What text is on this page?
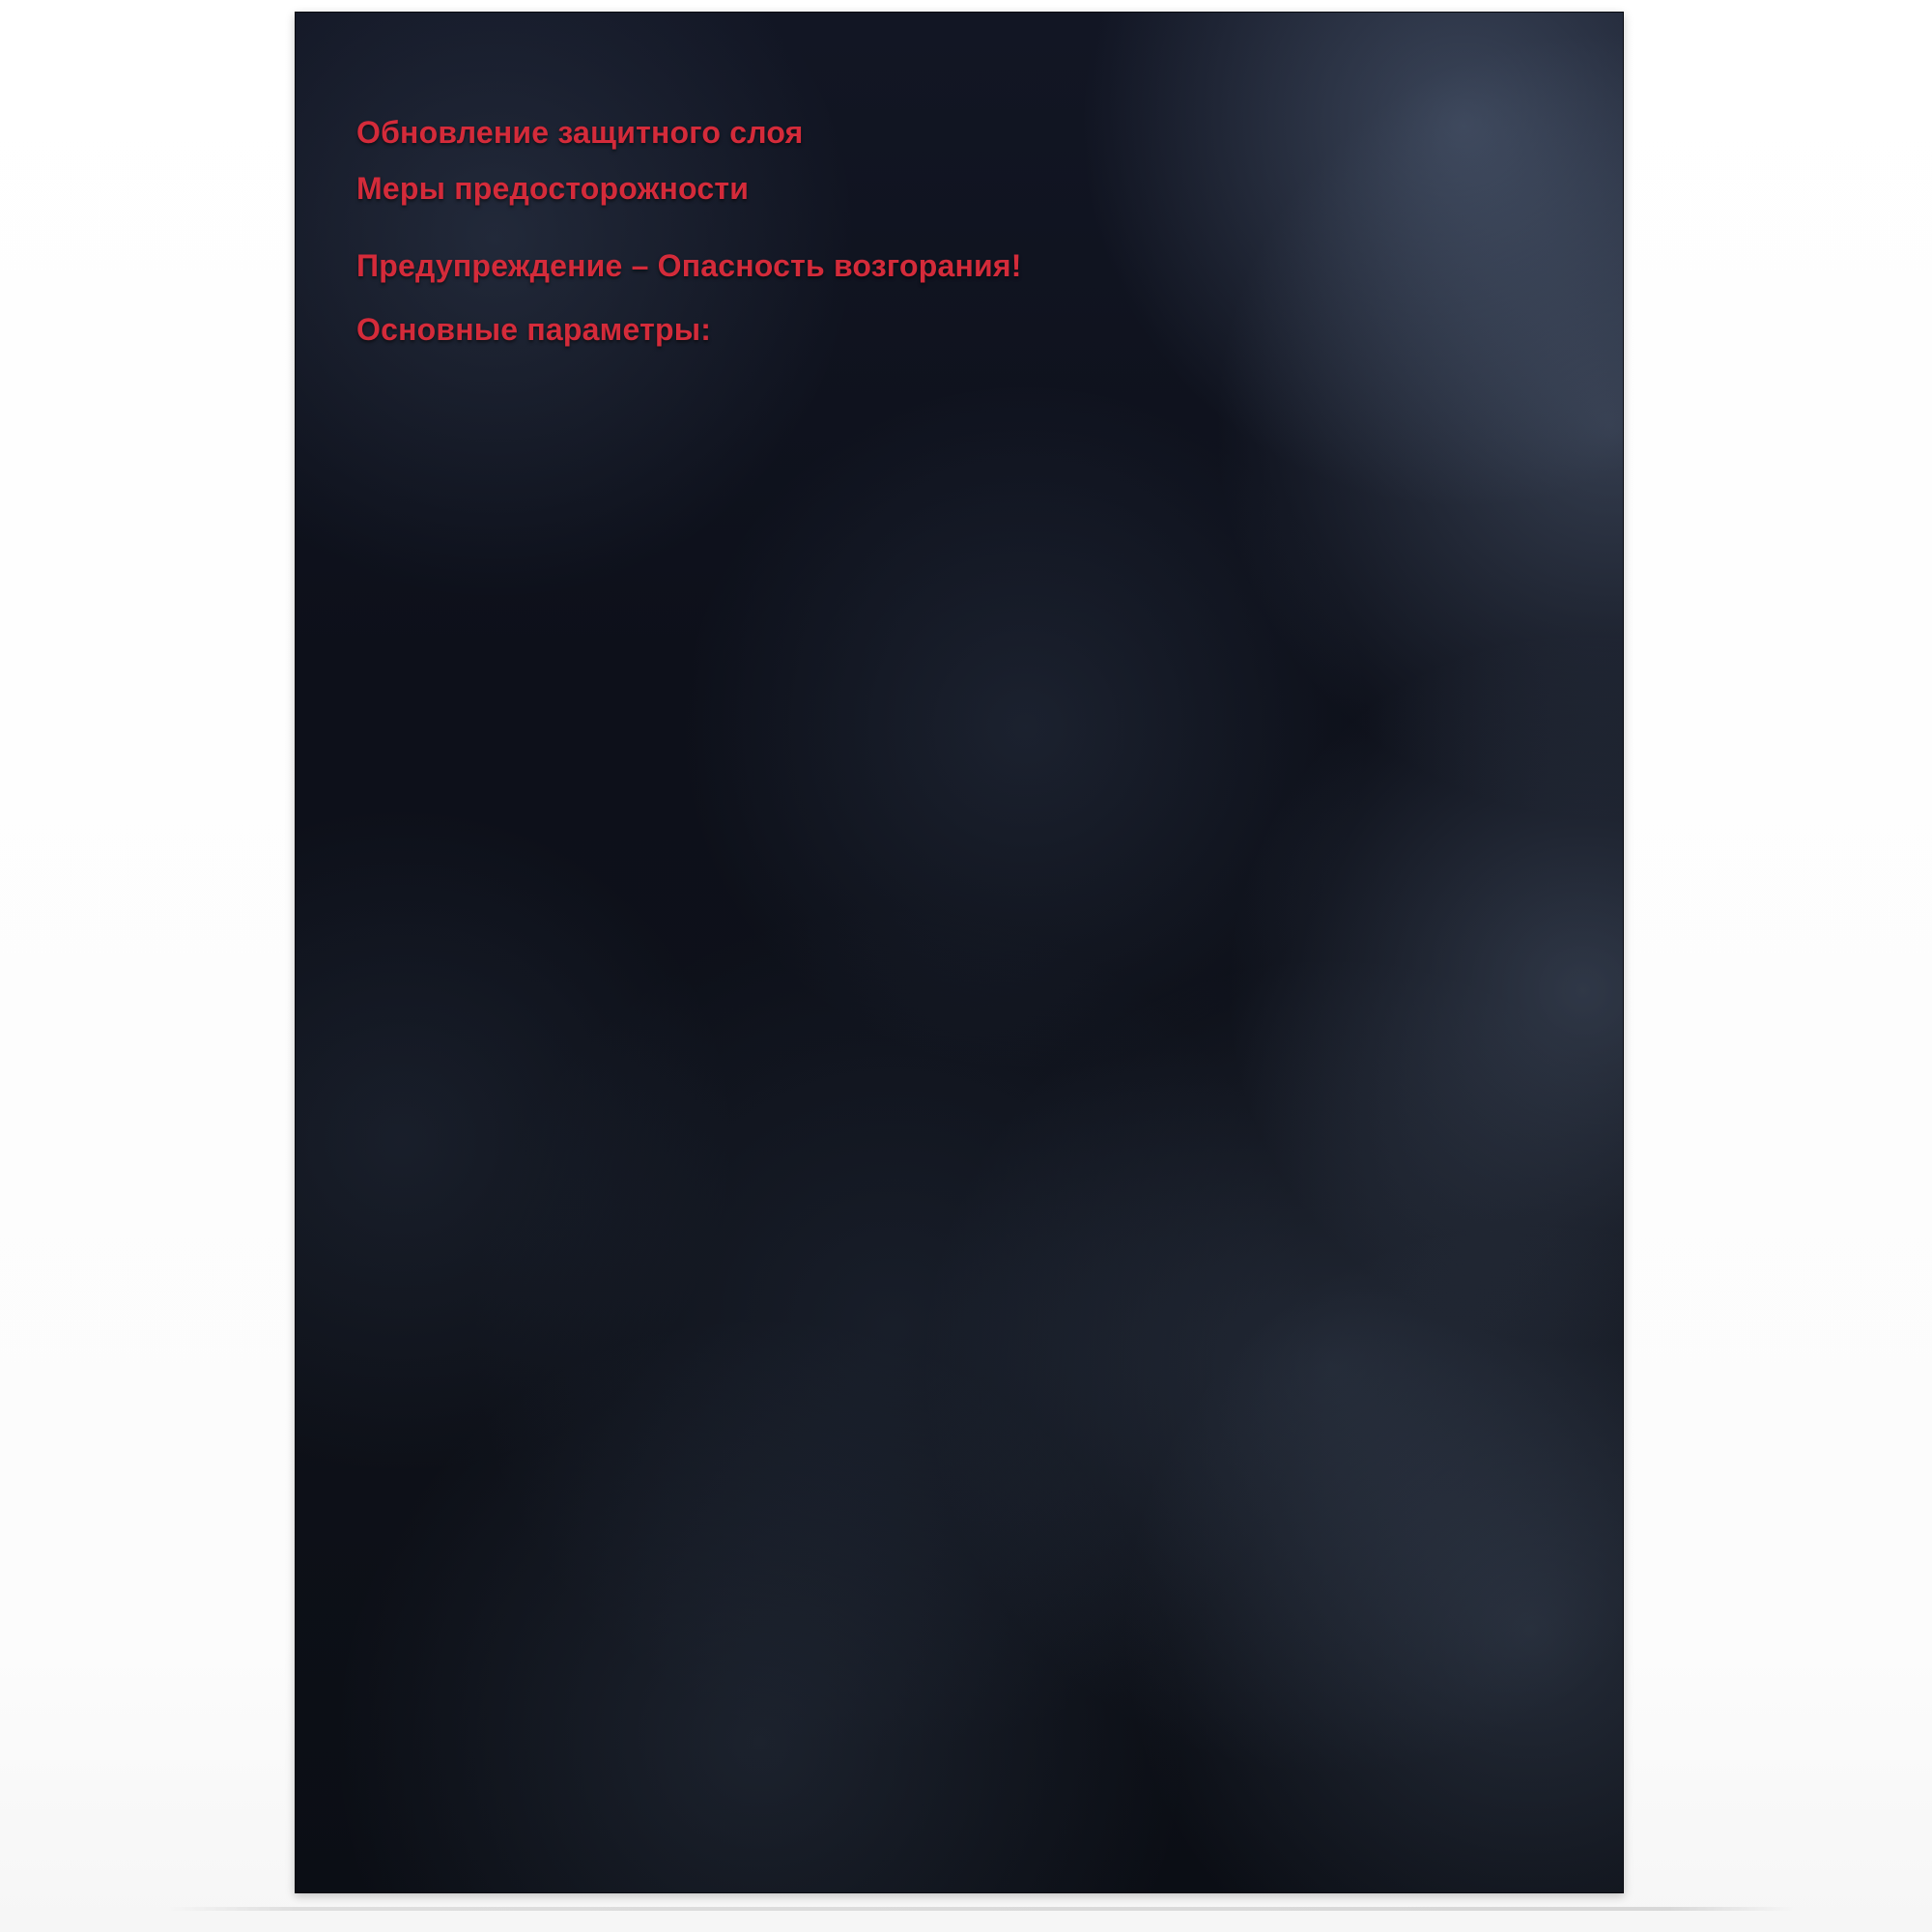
Обновление защитного слоя
Меры предосторожности
Предупреждение – Опасность возгорания!
Основные параметры:
